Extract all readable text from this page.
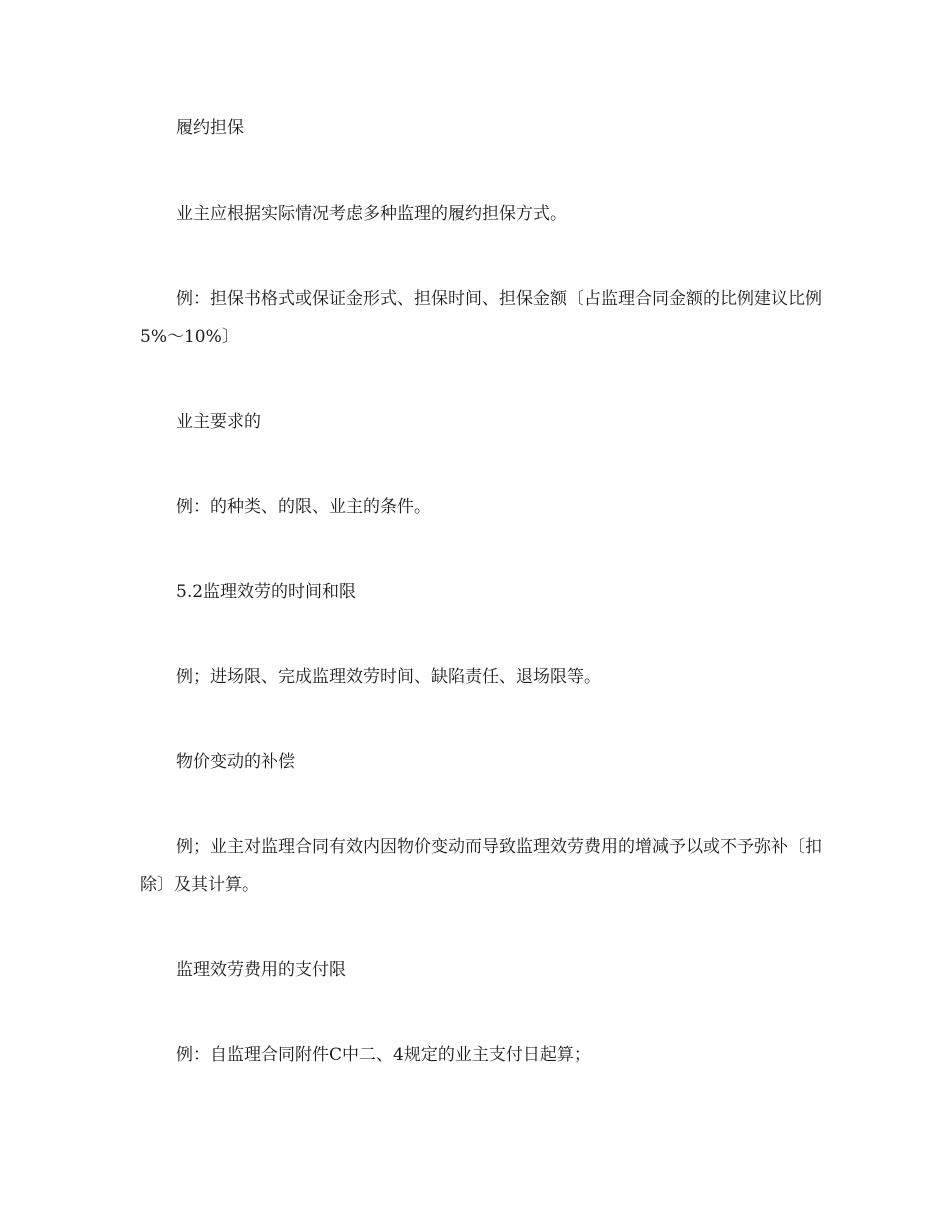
履约担保

业主应根据实际情况考虑多种监理的履约担保方式。

例：担保书格式或保证金形式、担保时间、担保金额〔占监理合同金额的比例建议比例5%～10%〕

业主要求的

例：的种类、的限、业主的条件。

5.2监理效劳的时间和限

例；进场限、完成监理效劳时间、缺陷责任、退场限等。

物价变动的补偿

例；业主对监理合同有效内因物价变动而导致监理效劳费用的增减予以或不予弥补〔扣除〕及其计算。

监理效劳费用的支付限

例：自监理合同附件C中二、4规定的业主支付日起算；
